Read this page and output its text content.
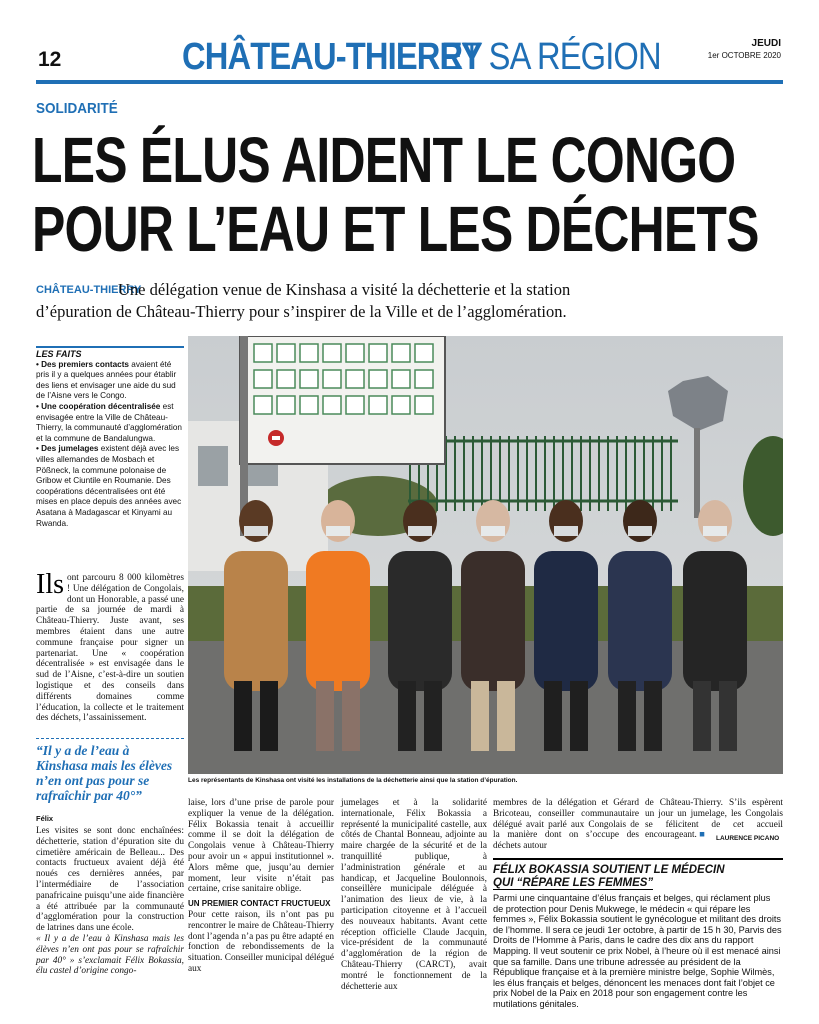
12	CHÂTEAU-THIERRY
ET SA RÉGION	JEUDI
1er OCTOBRE 2020
SOLIDARITÉ
LES ÉLUS AIDENT LE CONGO
POUR L’EAU ET LES DÉCHETS
CHÂTEAU-THIERRY
Une délégation venue de Kinshasa a visité la déchetterie et la station d’épuration de Château-Thierry pour s’inspirer de la Ville et de l’agglomération.
LES FAITS
• Des premiers contacts avaient été pris il y a quelques années pour établir des liens et envisager une aide du sud de l’Aisne vers le Congo.
• Une coopération décentralisée est envisagée entre la Ville de Château-Thierry, la communauté d’agglomération et la commune de Bandalungwa.
• Des jumelages existent déjà avec les villes allemandes de Mosbach et Pößneck, la commune polonaise de Gribow et Ciuntile en Roumanie. Des coopérations décentralisées ont été mises en place depuis des années avec Asatana à Madagascar et Kinyami au Rwanda.
Les représentants de Kinshasa ont visité les installations de la déchetterie ainsi que la station d’épuration.
Ils ont parcouru 8 000 kilomètres ! Une délégation de Congolais, dont un Honorable, a passé une partie de sa journée de mardi à Château-Thierry. Juste avant, ses membres étaient dans une autre commune française pour signer un partenariat. Une « coopération décentralisée » est envisagée dans le sud de l’Aisne, c’est-à-dire un soutien logistique et des conseils dans différents domaines comme l’éducation, la collecte et le traitement des déchets, l’assainissement.
“Il y a de l’eau à Kinshasa mais les élèves n’en ont pas pour se rafraîchir par 40°”
Félix
Les visites se sont donc enchaînées: déchetterie, station d’épuration site du cimetière américain de Belleau... Des contacts fructueux avaient déjà été noués ces dernières années, par l’intermédiaire de l’association panafricaine puisqu’une aide financière a été attribuée par la communauté d’agglomération pour la construction de latrines dans une école.
« Il y a de l’eau à Kinshasa mais les élèves n’en ont pas pour se rafraîchir par 40° » s’exclamait Félix Bokassia, élu castel d’origine congo-
laise, lors d’une prise de parole pour expliquer la venue de la délégation. Félix Bokassia tenait à accueillir comme il se doit la délégation de Congolais venue à Château-Thierry pour avoir un « appui institutionnel ». Alors même que, jusqu’au dernier moment, leur visite n’était pas certaine, crise sanitaire oblige.
UN PREMIER CONTACT FRUCTUEUX
Pour cette raison, ils n’ont pas pu rencontrer le maire de Château-Thierry dont l’agenda n’a pas pu être adapté en fonction de rebondissements de la situation. Conseiller municipal délégué aux
jumelages et à la solidarité internationale, Félix Bokassia a représenté la municipalité castelle, aux côtés de Chantal Bonneau, adjointe au maire chargée de la sécurité et de la tranquillité publique, à l’administration générale et au handicap, et Jacqueline Boulonnois, conseillère municipale déléguée à l’animation des lieux de vie, à la participation citoyenne et à l’accueil des nouveaux habitants. Avant cette réception officielle Claude Jacquin, vice-président de la communauté d’agglomération de la région de Château-Thierry (CARCT), avait montré le fonctionnement de la déchetterie aux
membres de la délégation et Gérard Bricoteau, conseiller communautaire délégué avait parlé aux Congolais de la manière dont on s’occupe des déchets autour
de Château-Thierry. S’ils espèrent un jour un jumelage, les Congolais se félicitent de cet accueil encourageant. ■	LAURENCE PICANO
FÉLIX BOKASSIA SOUTIENT LE MÉDECIN
QUI “RÉPARE LES FEMMES”
Parmi une cinquantaine d’élus français et belges, qui réclament plus de protection pour Denis Mukwege, le médecin « qui répare les femmes », Félix Bokassia soutient le gynécologue et militant des droits de l’homme. Il sera ce jeudi 1er octobre, à partir de 15 h 30, Parvis des Droits de l’Homme à Paris, dans le cadre des dix ans du rapport Mapping. Il veut soutenir ce prix Nobel, à l’heure où il est menacé ainsi que sa famille. Dans une tribune adressée au président de la République française et à la première ministre belge, Sophie Wilmès, les élus français et belges, dénoncent les menaces dont fait l’objet ce prix Nobel de la Paix en 2018 pour son engagement contre les mutilations génitales.
